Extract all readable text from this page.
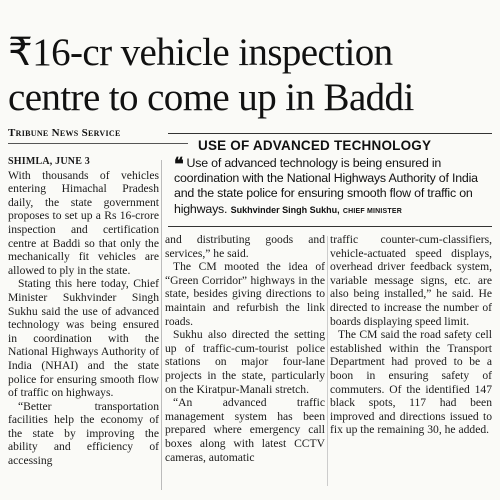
₹16-cr vehicle inspection
centre to come up in Baddi
Tribune News Service
USE OF ADVANCED TECHNOLOGY
❝ Use of advanced technology is being ensured in coordination with the National Highways Authority of India and the state police for ensuring smooth flow of traffic on highways. Sukhvinder Singh Sukhu, CHIEF MINISTER
SHIMLA, JUNE 3

With thousands of vehicles entering Himachal Pradesh daily, the state government proposes to set up a Rs 16-crore inspection and certification centre at Baddi so that only the mechanically fit vehicles are allowed to ply in the state.

Stating this here today, Chief Minister Sukhvinder Singh Sukhu said the use of advanced technology was being ensured in coordination with the National Highways Authority of India (NHAI) and the state police for ensuring smooth flow of traffic on highways.

“Better transportation facilities help the economy of the state by improving the ability and efficiency of accessing

and distributing goods and services,” he said.

The CM mooted the idea of “Green Corridor” highways in the state, besides giving directions to maintain and refurbish the link roads.

Sukhu also directed the setting up of traffic-cum-tourist police stations on major four-lane projects in the state, particularly on the Kiratpur-Manali stretch.

“An advanced traffic management system has been prepared where emergency call boxes along with latest CCTV cameras, automatic

traffic counter-cum-classifiers, vehicle-actuated speed displays, overhead driver feedback system, variable message signs, etc. are also being installed,” he said. He directed to increase the number of boards displaying speed limit.

The CM said the road safety cell established within the Transport Department had proved to be a boon in ensuring safety of commuters. Of the identified 147 black spots, 117 had been improved and directions issued to fix up the remaining 30, he added.
